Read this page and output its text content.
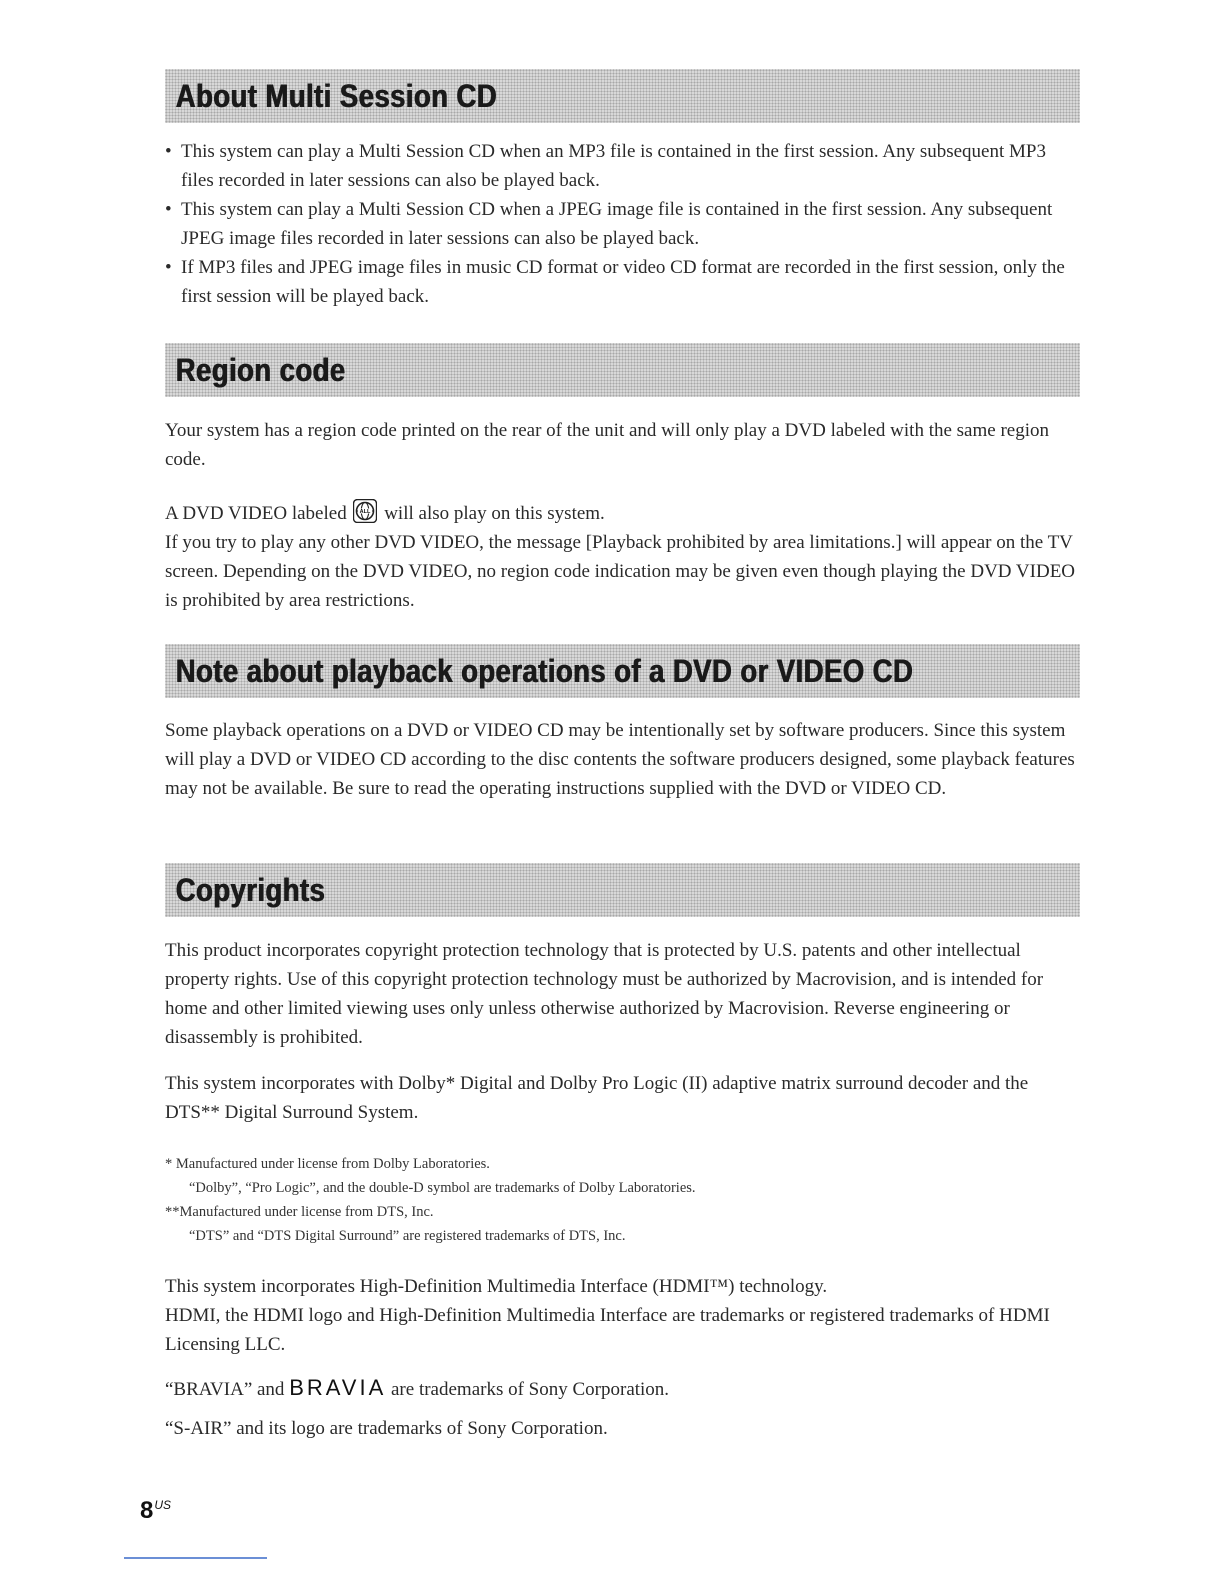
About Multi Session CD
• This system can play a Multi Session CD when an MP3 file is contained in the first session. Any subsequent MP3 files recorded in later sessions can also be played back.
• This system can play a Multi Session CD when a JPEG image file is contained in the first session. Any subsequent JPEG image files recorded in later sessions can also be played back.
• If MP3 files and JPEG image files in music CD format or video CD format are recorded in the first session, only the first session will be played back.
Region code

Your system has a region code printed on the rear of the unit and will only play a DVD labeled with the same region code.

A DVD VIDEO labeled ALL will also play on this system.

If you try to play any other DVD VIDEO, the message [Playback prohibited by area limitations.] will appear on the TV screen. Depending on the DVD VIDEO, no region code indication may be given even though playing the DVD VIDEO is prohibited by area restrictions.

Note about playback operations of a DVD or VIDEO CD

Some playback operations on a DVD or VIDEO CD may be intentionally set by software producers. Since this system will play a DVD or VIDEO CD according to the disc contents the software producers designed, some playback features may not be available. Be sure to read the operating instructions supplied with the DVD or VIDEO CD.

Copyrights

This product incorporates copyright protection technology that is protected by U.S. patents and other intellectual property rights. Use of this copyright protection technology must be authorized by Macrovision, and is intended for home and other limited viewing uses only unless otherwise authorized by Macrovision. Reverse engineering or disassembly is prohibited.

This system incorporates with Dolby* Digital and Dolby Pro Logic (II) adaptive matrix surround decoder and the DTS** Digital Surround System.

* Manufactured under license from Dolby Laboratories.
“Dolby”, “Pro Logic”, and the double-D symbol are trademarks of Dolby Laboratories.
**Manufactured under license from DTS, Inc.
“DTS” and “DTS Digital Surround” are registered trademarks of DTS, Inc.

This system incorporates High-Definition Multimedia Interface (HDMI™) technology.

HDMI, the HDMI logo and High-Definition Multimedia Interface are trademarks or registered trademarks of HDMI Licensing LLC.

“BRAVIA” and BRAVIA are trademarks of Sony Corporation.

“S-AIR” and its logo are trademarks of Sony Corporation.

$8^{US}$
